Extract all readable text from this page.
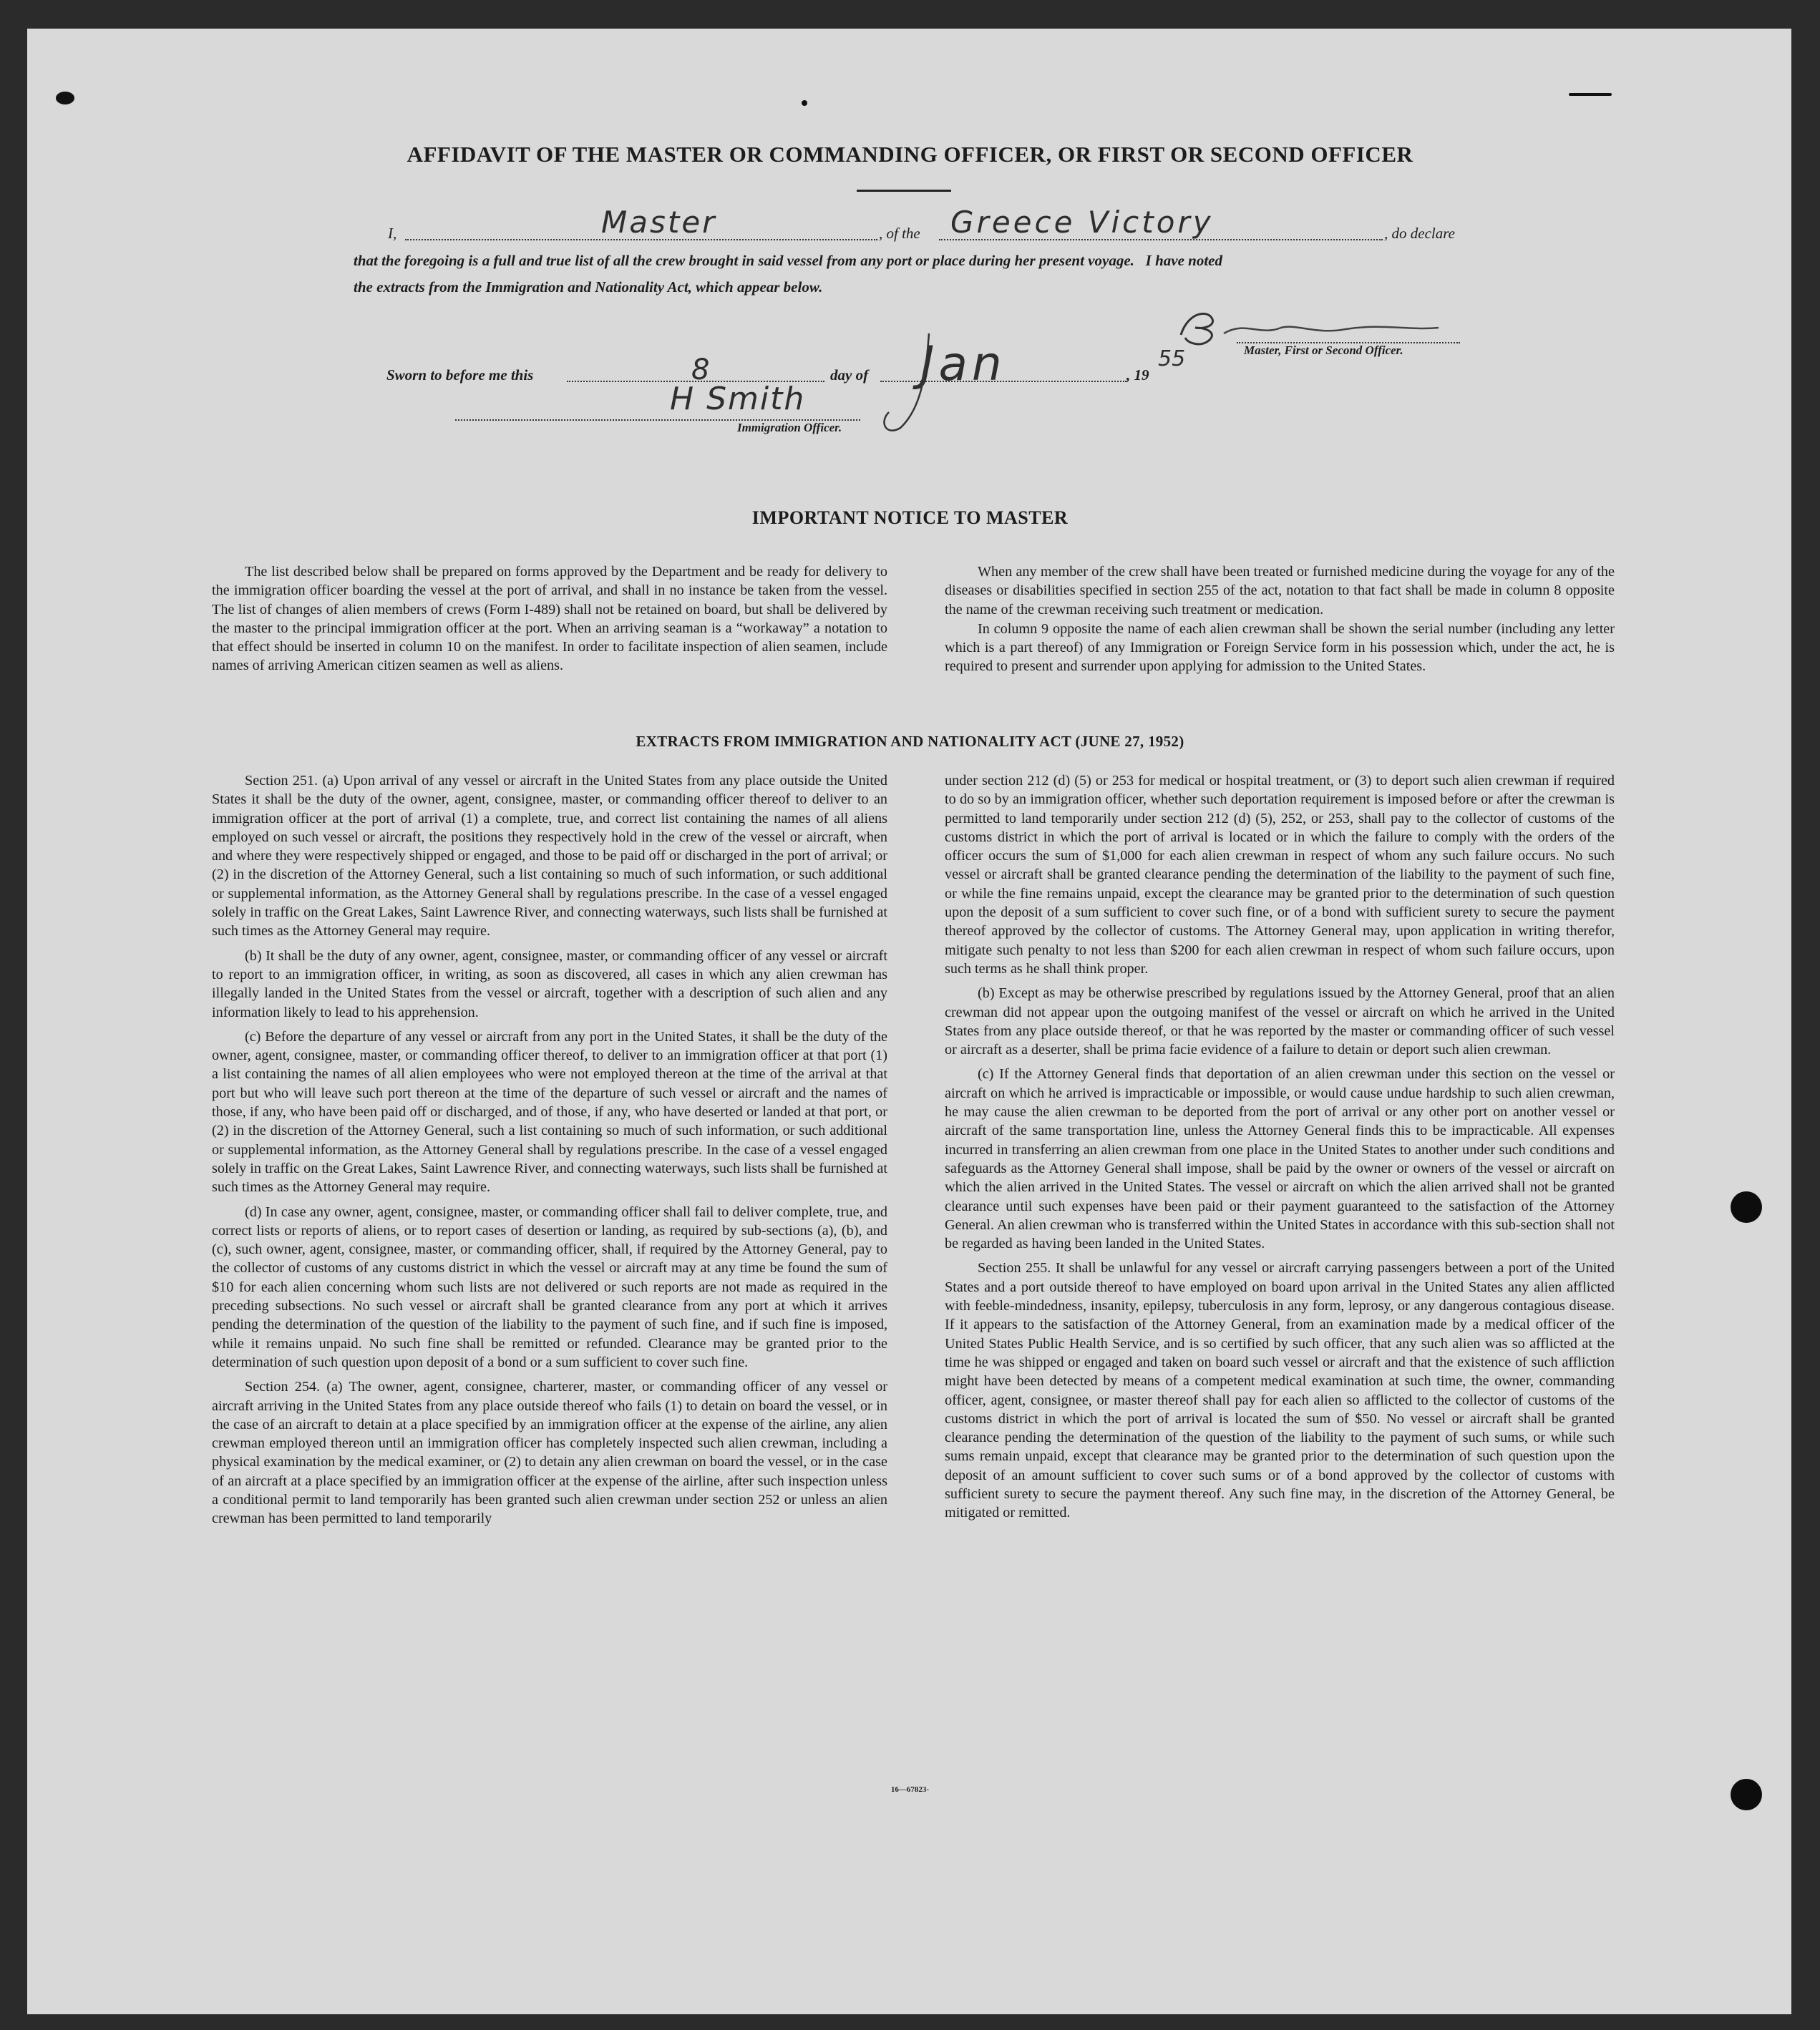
AFFIDAVIT OF THE MASTER OR COMMANDING OFFICER, OR FIRST OR SECOND OFFICER
I,	Master	, of the Greece Victory	, do declare
that the foregoing is a full and true list of all the crew brought in said vessel from any port or place during her present voyage.   I have noted
the extracts from the Immigration and Nationality Act, which appear below.
Master, First or Second Officer.
Sworn to before me this	8	day of Jan	, 19
55
H Smith
Immigration Officer.
IMPORTANT NOTICE TO MASTER

The list described below shall be prepared on forms approved by the Department and be ready for delivery to the immigration officer boarding the vessel at the port of arrival, and shall in no instance be taken from the vessel. The list of changes of alien members of crews (Form I-489) shall not be retained on board, but shall be delivered by the master to the principal immigration officer at the port. When an arriving seaman is a “workaway” a notation to that effect should be inserted in column 10 on the manifest. In order to facilitate inspection of alien seamen, include names of arriving American citizen seamen as well as aliens.

When any member of the crew shall have been treated or furnished medicine during the voyage for any of the diseases or disabilities specified in section 255 of the act, notation to that fact shall be made in column 8 opposite the name of the crewman receiving such treatment or medication.

In column 9 opposite the name of each alien crewman shall be shown the serial number (including any letter which is a part thereof) of any Immigration or Foreign Service form in his possession which, under the act, he is required to present and surrender upon applying for admission to the United States.

EXTRACTS FROM IMMIGRATION AND NATIONALITY ACT (JUNE 27, 1952)

Section 251. (a) Upon arrival of any vessel or aircraft in the United States from any place outside the United States it shall be the duty of the owner, agent, consignee, master, or commanding officer thereof to deliver to an immigration officer at the port of arrival (1) a complete, true, and correct list containing the names of all aliens employed on such vessel or aircraft, the positions they respectively hold in the crew of the vessel or aircraft, when and where they were respectively shipped or engaged, and those to be paid off or discharged in the port of arrival; or (2) in the discretion of the Attorney General, such a list containing so much of such information, or such additional or supplemental information, as the Attorney General shall by regulations prescribe. In the case of a vessel engaged solely in traffic on the Great Lakes, Saint Lawrence River, and connecting waterways, such lists shall be furnished at such times as the Attorney General may require.

(b) It shall be the duty of any owner, agent, consignee, master, or commanding officer of any vessel or aircraft to report to an immigration officer, in writing, as soon as discovered, all cases in which any alien crewman has illegally landed in the United States from the vessel or aircraft, together with a description of such alien and any information likely to lead to his apprehension.

(c) Before the departure of any vessel or aircraft from any port in the United States, it shall be the duty of the owner, agent, consignee, master, or commanding officer thereof, to deliver to an immigration officer at that port (1) a list containing the names of all alien employees who were not employed thereon at the time of the arrival at that port but who will leave such port thereon at the time of the departure of such vessel or aircraft and the names of those, if any, who have been paid off or discharged, and of those, if any, who have deserted or landed at that port, or (2) in the discretion of the Attorney General, such a list containing so much of such information, or such additional or supplemental information, as the Attorney General shall by regulations prescribe. In the case of a vessel engaged solely in traffic on the Great Lakes, Saint Lawrence River, and connecting waterways, such lists shall be furnished at such times as the Attorney General may require.

(d) In case any owner, agent, consignee, master, or commanding officer shall fail to deliver complete, true, and correct lists or reports of aliens, or to report cases of desertion or landing, as required by sub-sections (a), (b), and (c), such owner, agent, consignee, master, or commanding officer, shall, if required by the Attorney General, pay to the collector of customs of any customs district in which the vessel or aircraft may at any time be found the sum of $10 for each alien concerning whom such lists are not delivered or such reports are not made as required in the preceding subsections. No such vessel or aircraft shall be granted clearance from any port at which it arrives pending the determination of the question of the liability to the payment of such fine, and if such fine is imposed, while it remains unpaid. No such fine shall be remitted or refunded. Clearance may be granted prior to the determination of such question upon deposit of a bond or a sum sufficient to cover such fine.

Section 254. (a) The owner, agent, consignee, charterer, master, or commanding officer of any vessel or aircraft arriving in the United States from any place outside thereof who fails (1) to detain on board the vessel, or in the case of an aircraft to detain at a place specified by an immigration officer at the expense of the airline, any alien crewman employed thereon until an immigration officer has completely inspected such alien crewman, including a physical examination by the medical examiner, or (2) to detain any alien crewman on board the vessel, or in the case of an aircraft at a place specified by an immigration officer at the expense of the airline, after such inspection unless a conditional permit to land temporarily has been granted such alien crewman under section 252 or unless an alien crewman has been permitted to land temporarily

under section 212 (d) (5) or 253 for medical or hospital treatment, or (3) to deport such alien crewman if required to do so by an immigration officer, whether such deportation requirement is imposed before or after the crewman is permitted to land temporarily under section 212 (d) (5), 252, or 253, shall pay to the collector of customs of the customs district in which the port of arrival is located or in which the failure to comply with the orders of the officer occurs the sum of $1,000 for each alien crewman in respect of whom any such failure occurs. No such vessel or aircraft shall be granted clearance pending the determination of the liability to the payment of such fine, or while the fine remains unpaid, except the clearance may be granted prior to the determination of such question upon the deposit of a sum sufficient to cover such fine, or of a bond with sufficient surety to secure the payment thereof approved by the collector of customs. The Attorney General may, upon application in writing therefor, mitigate such penalty to not less than $200 for each alien crewman in respect of whom such failure occurs, upon such terms as he shall think proper.

(b) Except as may be otherwise prescribed by regulations issued by the Attorney General, proof that an alien crewman did not appear upon the outgoing manifest of the vessel or aircraft on which he arrived in the United States from any place outside thereof, or that he was reported by the master or commanding officer of such vessel or aircraft as a deserter, shall be prima facie evidence of a failure to detain or deport such alien crewman.

(c) If the Attorney General finds that deportation of an alien crewman under this section on the vessel or aircraft on which he arrived is impracticable or impossible, or would cause undue hardship to such alien crewman, he may cause the alien crewman to be deported from the port of arrival or any other port on another vessel or aircraft of the same transportation line, unless the Attorney General finds this to be impracticable. All expenses incurred in transferring an alien crewman from one place in the United States to another under such conditions and safeguards as the Attorney General shall impose, shall be paid by the owner or owners of the vessel or aircraft on which the alien arrived in the United States. The vessel or aircraft on which the alien arrived shall not be granted clearance until such expenses have been paid or their payment guaranteed to the satisfaction of the Attorney General. An alien crewman who is transferred within the United States in accordance with this sub-section shall not be regarded as having been landed in the United States.

Section 255. It shall be unlawful for any vessel or aircraft carrying passengers between a port of the United States and a port outside thereof to have employed on board upon arrival in the United States any alien afflicted with feeble-mindedness, insanity, epilepsy, tuberculosis in any form, leprosy, or any dangerous contagious disease. If it appears to the satisfaction of the Attorney General, from an examination made by a medical officer of the United States Public Health Service, and is so certified by such officer, that any such alien was so afflicted at the time he was shipped or engaged and taken on board such vessel or aircraft and that the existence of such affliction might have been detected by means of a competent medical examination at such time, the owner, commanding officer, agent, consignee, or master thereof shall pay for each alien so afflicted to the collector of customs of the customs district in which the port of arrival is located the sum of $50. No vessel or aircraft shall be granted clearance pending the determination of the question of the liability to the payment of such sums, or while such sums remain unpaid, except that clearance may be granted prior to the determination of such question upon the deposit of an amount sufficient to cover such sums or of a bond approved by the collector of customs with sufficient surety to secure the payment thereof. Any such fine may, in the discretion of the Attorney General, be mitigated or remitted.

16—67823-
